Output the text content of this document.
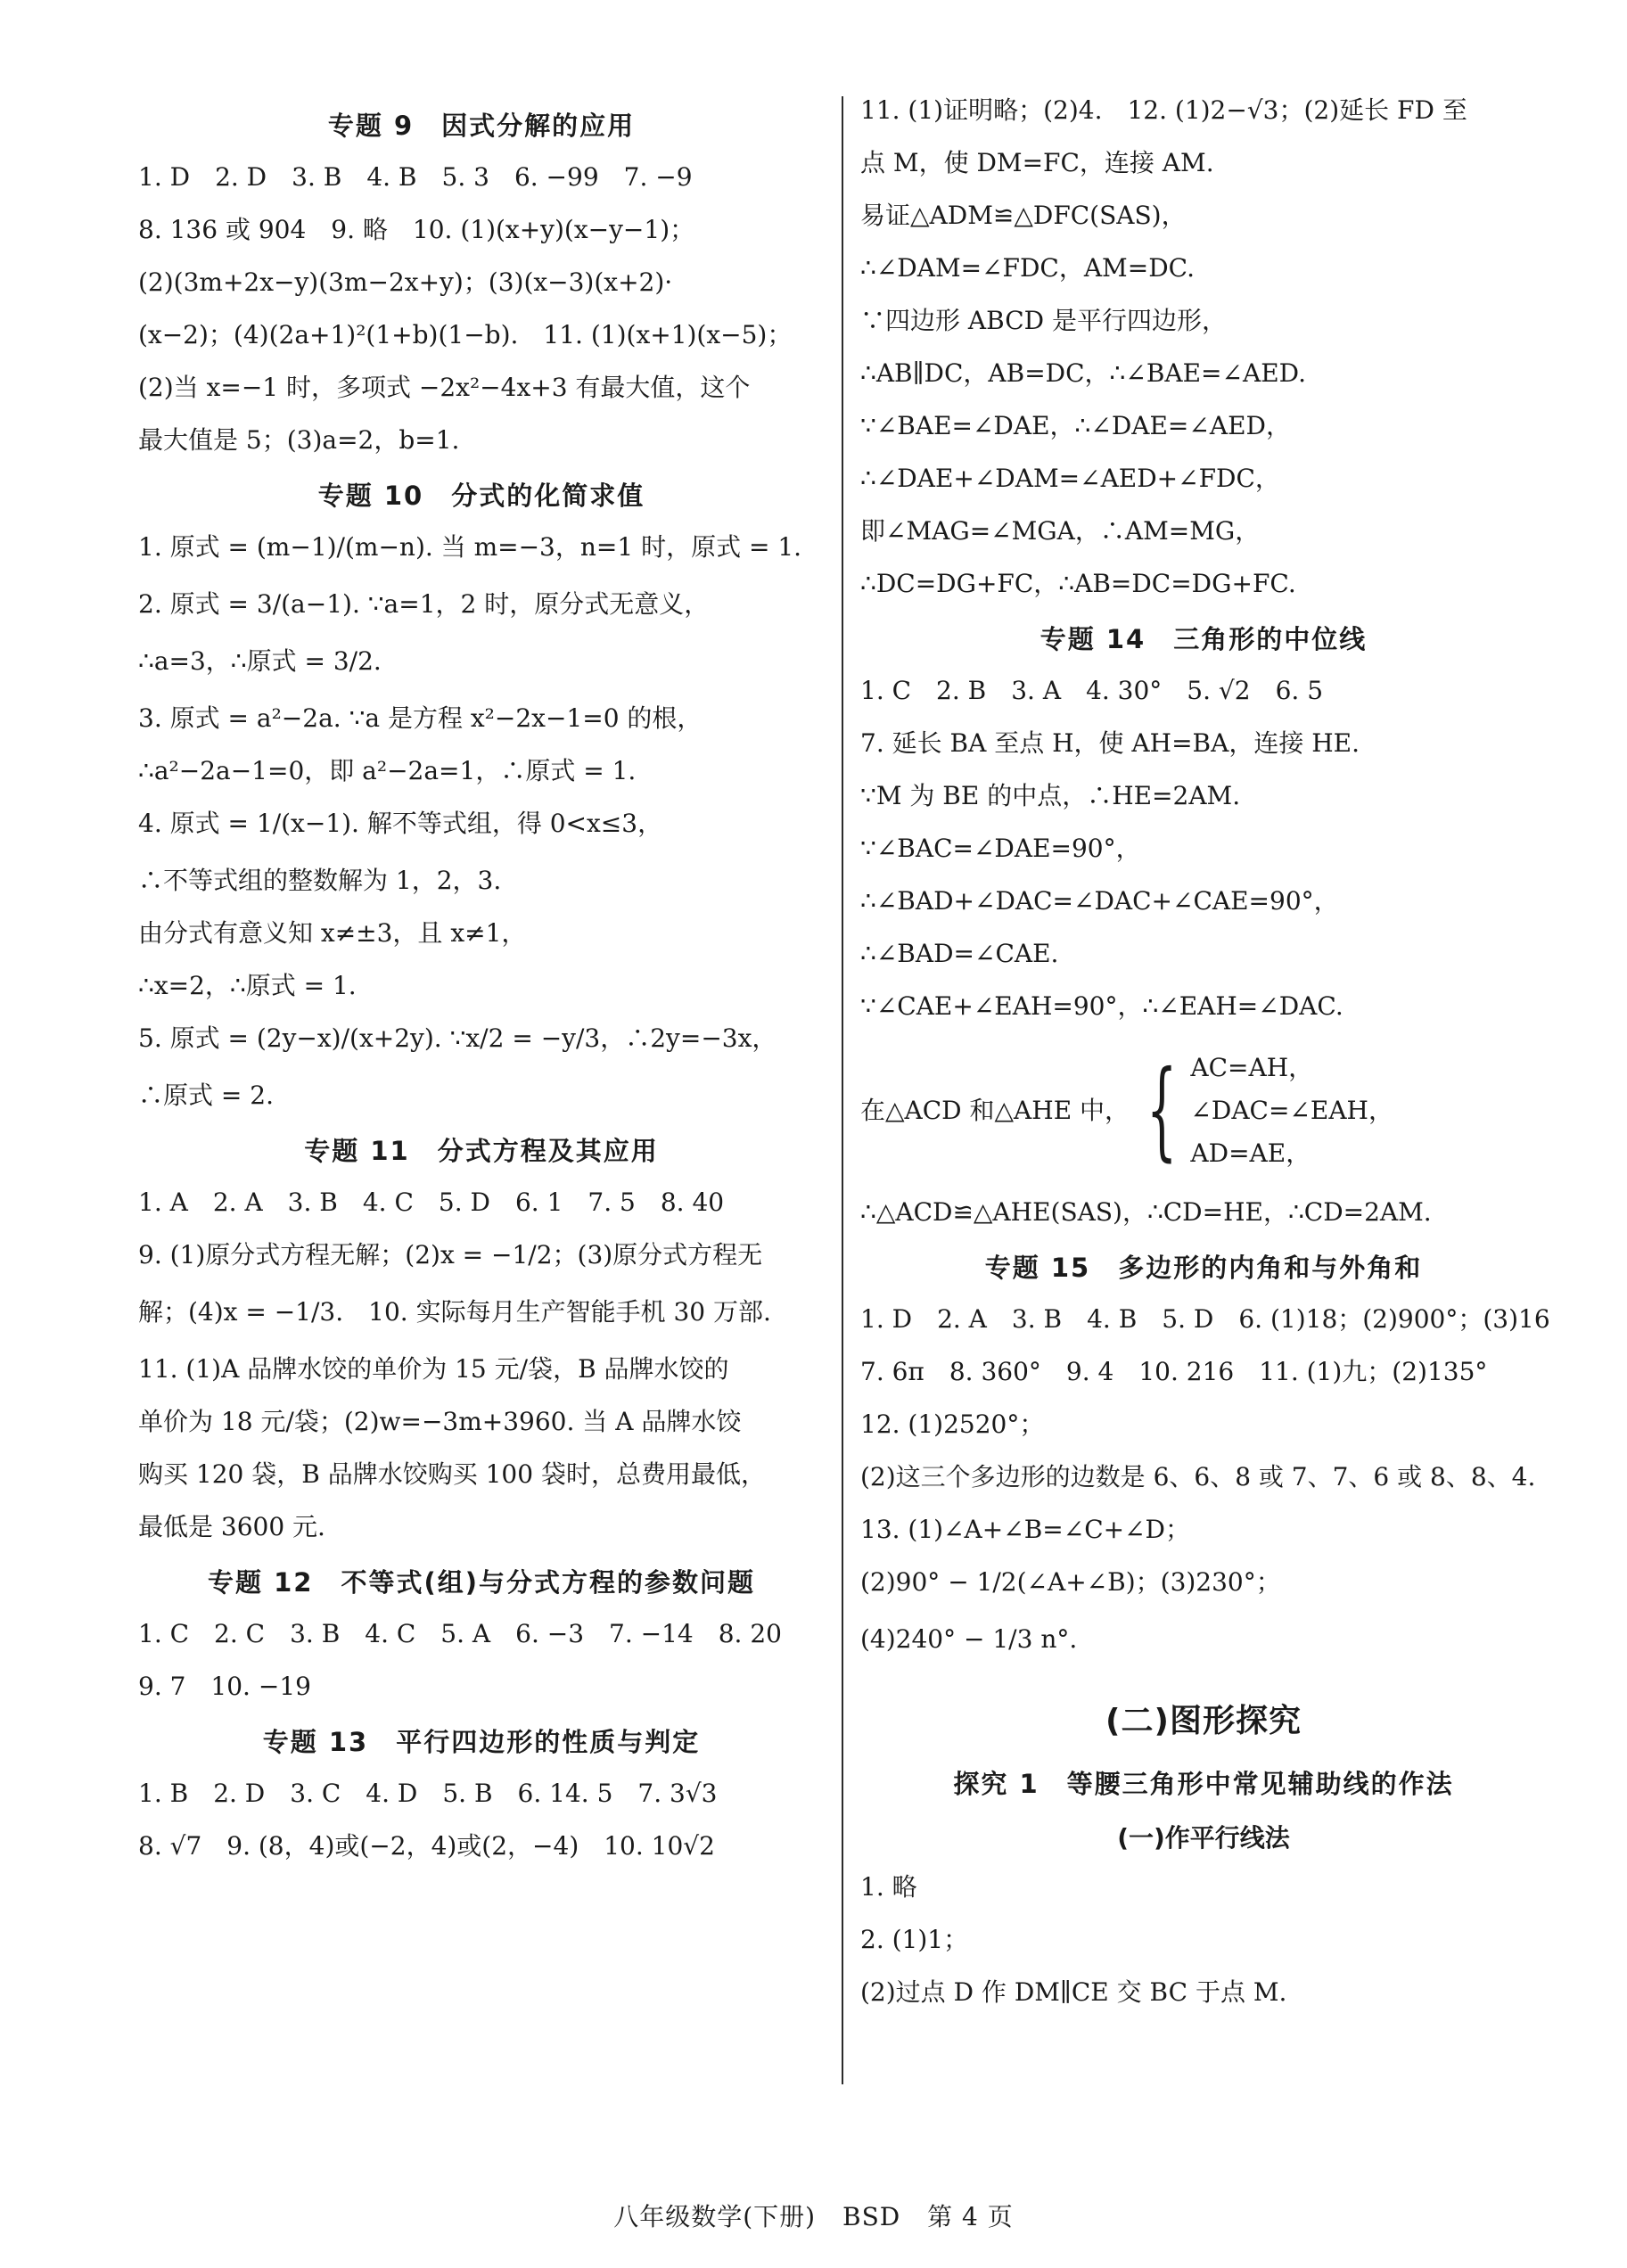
专题 9　因式分解的应用
1. D　2. D　3. B　4. B　5. 3　6. −99　7. −9
8. 136 或 904　9. 略　10. (1)(x+y)(x−y−1)；
(2)(3m+2x−y)(3m−2x+y)；(3)(x−3)(x+2)·
(x−2)；(4)(2a+1)²(1+b)(1−b).　11. (1)(x+1)(x−5)；
(2)当 x=−1 时，多项式 −2x²−4x+3 有最大值，这个
最大值是 5；(3)a=2，b=1.
专题 10　分式的化简求值
1. 原式 = (m−1)/(m−n). 当 m=−3，n=1 时，原式 = 1.
2. 原式 = 3/(a−1). ∵a=1，2 时，原分式无意义，
∴a=3，∴原式 = 3/2.
3. 原式 = a²−2a. ∵a 是方程 x²−2x−1=0 的根，
∴a²−2a−1=0，即 a²−2a=1，∴原式 = 1.
4. 原式 = 1/(x−1). 解不等式组，得 0<x≤3，
∴不等式组的整数解为 1，2，3.
由分式有意义知 x≠±3，且 x≠1，
∴x=2，∴原式 = 1.
5. 原式 = (2y−x)/(x+2y). ∵x/2 = −y/3，∴2y=−3x，
∴原式 = 2.
专题 11　分式方程及其应用
1. A　2. A　3. B　4. C　5. D　6. 1　7. 5　8. 40
9. (1)原分式方程无解；(2)x = −1/2；(3)原分式方程无
解；(4)x = −1/3.　10. 实际每月生产智能手机 30 万部.
11. (1)A 品牌水饺的单价为 15 元/袋，B 品牌水饺的
单价为 18 元/袋；(2)w=−3m+3960. 当 A 品牌水饺
购买 120 袋，B 品牌水饺购买 100 袋时，总费用最低，
最低是 3600 元.
专题 12　不等式(组)与分式方程的参数问题
1. C　2. C　3. B　4. C　5. A　6. −3　7. −14　8. 20
9. 7　10. −19
专题 13　平行四边形的性质与判定
1. B　2. D　3. C　4. D　5. B　6. 14. 5　7. 3√3
8. √7　9. (8，4)或(−2，4)或(2，−4)　10. 10√2
11. (1)证明略；(2)4.　12. (1)2−√3；(2)延长 FD 至
点 M，使 DM=FC，连接 AM.
易证△ADM≌△DFC(SAS)，
∴∠DAM=∠FDC，AM=DC.
∵四边形 ABCD 是平行四边形，
∴AB∥DC，AB=DC，∴∠BAE=∠AED.
∵∠BAE=∠DAE，∴∠DAE=∠AED，
∴∠DAE+∠DAM=∠AED+∠FDC，
即∠MAG=∠MGA，∴AM=MG，
∴DC=DG+FC，∴AB=DC=DG+FC.
专题 14　三角形的中位线
1. C　2. B　3. A　4. 30°　5. √2　6. 5
7. 延长 BA 至点 H，使 AH=BA，连接 HE.
∵M 为 BE 的中点，∴HE=2AM.
∵∠BAC=∠DAE=90°，
∴∠BAD+∠DAC=∠DAC+∠CAE=90°，
∴∠BAD=∠CAE.
∵∠CAE+∠EAH=90°，∴∠EAH=∠DAC.
在△ACD 和△AHE 中， { AC=AH，
∠DAC=∠EAH，
AD=AE，
∴△ACD≌△AHE(SAS)，∴CD=HE，∴CD=2AM.
专题 15　多边形的内角和与外角和
1. D　2. A　3. B　4. B　5. D　6. (1)18；(2)900°；(3)16
7. 6π　8. 360°　9. 4　10. 216　11. (1)九；(2)135°
12. (1)2520°；
(2)这三个多边形的边数是 6、6、8 或 7、7、6 或 8、8、4.
13. (1)∠A+∠B=∠C+∠D；
(2)90° − 1/2(∠A+∠B)；(3)230°；
(4)240° − 1/3 n°.
(二)图形探究
探究 1　等腰三角形中常见辅助线的作法
(一)作平行线法
1. 略
2. (1)1；
(2)过点 D 作 DM∥CE 交 BC 于点 M.
八年级数学(下册) BSD 第 4 页
